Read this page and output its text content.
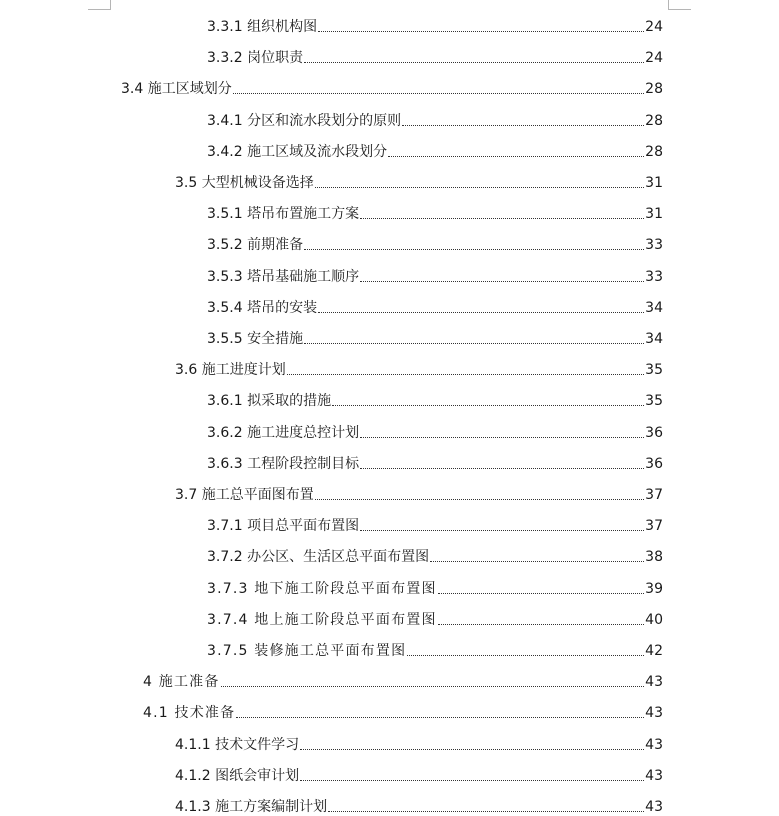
3.3.1 组织机构图	24
3.3.2 岗位职责	24
3.4 施工区域划分	28
3.4.1 分区和流水段划分的原则	28
3.4.2 施工区域及流水段划分	28
3.5 大型机械设备选择	31
3.5.1 塔吊布置施工方案	31
3.5.2 前期准备	33
3.5.3 塔吊基础施工顺序	33
3.5.4 塔吊的安装	34
3.5.5 安全措施	34
3.6 施工进度计划	35
3.6.1 拟采取的措施	35
3.6.2 施工进度总控计划	36
3.6.3 工程阶段控制目标	36
3.7 施工总平面图布置	37
3.7.1 项目总平面布置图	37
3.7.2 办公区、生活区总平面布置图	38
3.7.3 地下施工阶段总平面布置图	39
3.7.4 地上施工阶段总平面布置图	40
3.7.5 装修施工总平面布置图	42
4 施工准备	43
4.1 技术准备	43
4.1.1 技术文件学习	43
4.1.2 图纸会审计划	43
4.1.3 施工方案编制计划	43
